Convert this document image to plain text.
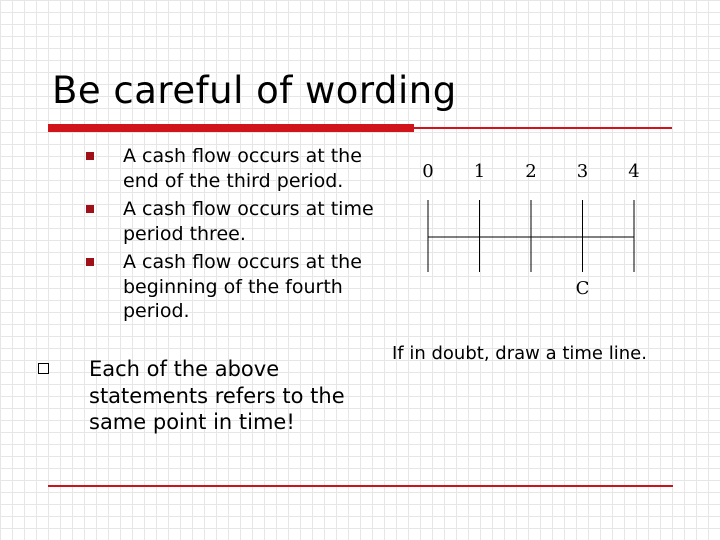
Be careful of wording
A cash flow occurs at the end of the third period.
A cash flow occurs at time period three.
A cash flow occurs at the beginning of the fourth period.
Each of the above statements refers to the same point in time!
0 1 2 3 4
C
If in doubt, draw a time line.
